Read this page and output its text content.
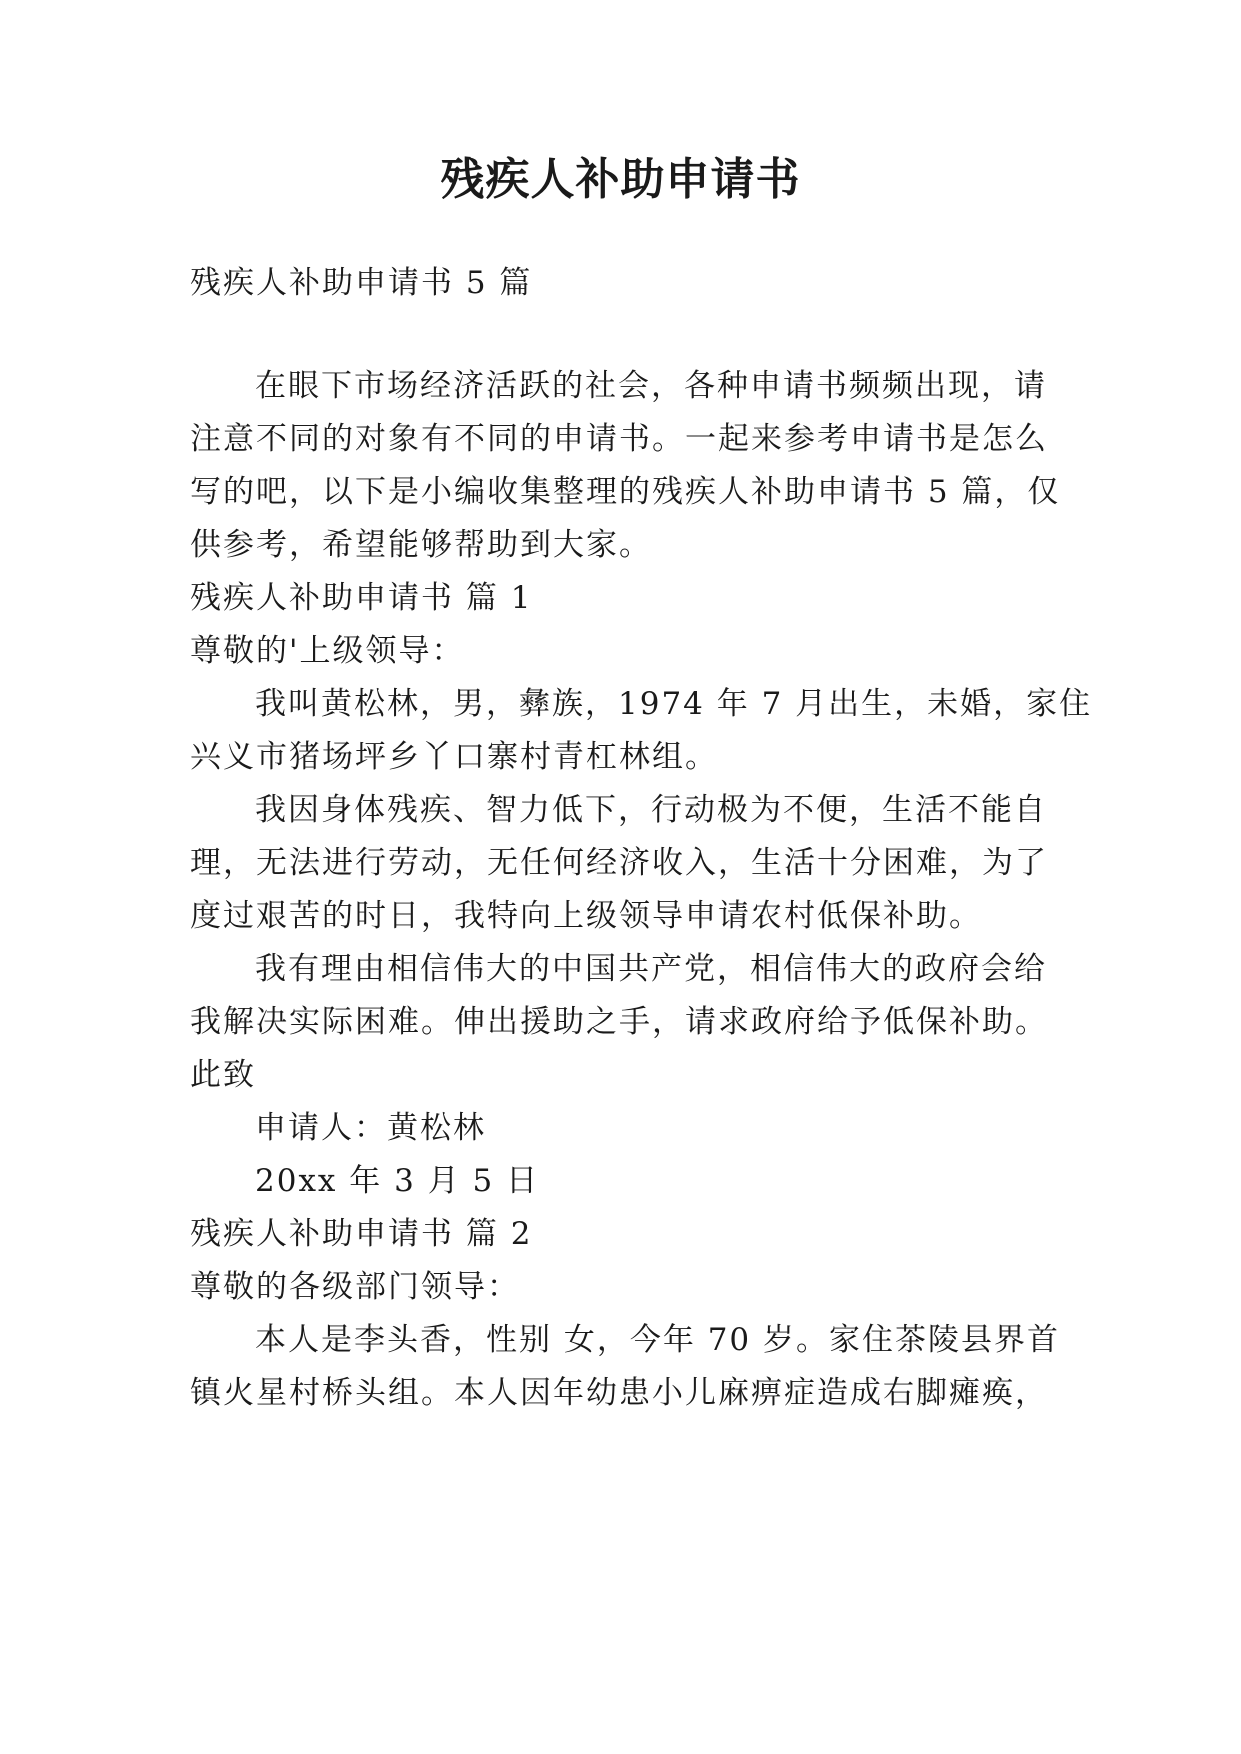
残疾人补助申请书
残疾人补助申请书 5 篇
在眼下市场经济活跃的社会，各种申请书频频出现，请
注意不同的对象有不同的申请书。一起来参考申请书是怎么
写的吧，以下是小编收集整理的残疾人补助申请书 5 篇，仅
供参考，希望能够帮助到大家。
残疾人补助申请书 篇 1
尊敬的'上级领导：
我叫黄松林，男，彝族，1974 年 7 月出生，未婚，家住
兴义市猪场坪乡丫口寨村青杠林组。
我因身体残疾、智力低下，行动极为不便，生活不能自
理，无法进行劳动，无任何经济收入，生活十分困难，为了
度过艰苦的时日，我特向上级领导申请农村低保补助。
我有理由相信伟大的中国共产党，相信伟大的政府会给
我解决实际困难。伸出援助之手，请求政府给予低保补助。
此致
申请人：黄松林
20xx 年 3 月 5 日
残疾人补助申请书 篇 2
尊敬的各级部门领导：
本人是李头香，性别 女，今年 70 岁。家住茶陵县界首
镇火星村桥头组。本人因年幼患小儿麻痹症造成右脚瘫痪，
